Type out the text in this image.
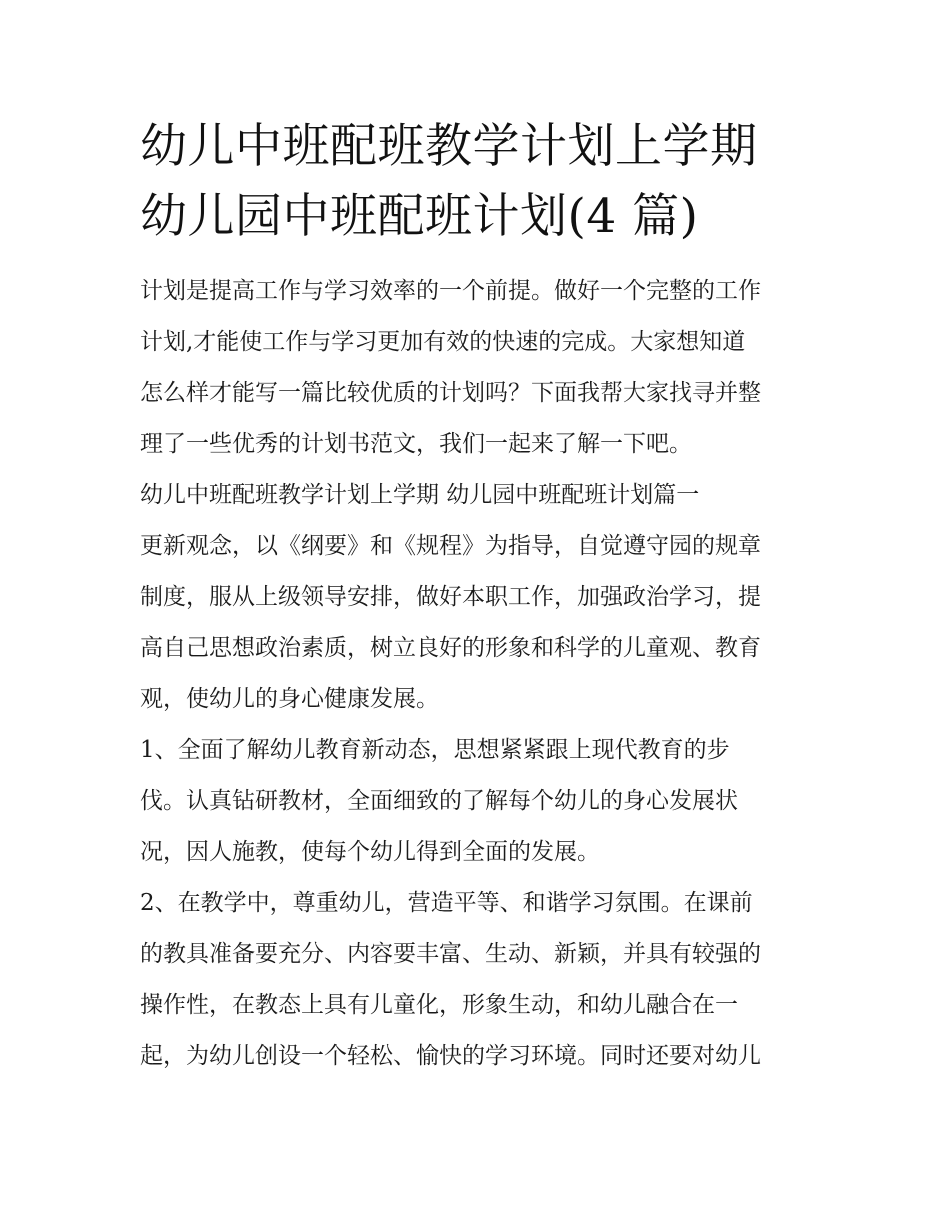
幼儿中班配班教学计划上学期
幼儿园中班配班计划(4 篇)

计划是提高工作与学习效率的一个前提。做好一个完整的工作
计划,才能使工作与学习更加有效的快速的完成。大家想知道
怎么样才能写一篇比较优质的计划吗？下面我帮大家找寻并整
理了一些优秀的计划书范文，我们一起来了解一下吧。

幼儿中班配班教学计划上学期 幼儿园中班配班计划篇一

更新观念，以《纲要》和《规程》为指导，自觉遵守园的规章
制度，服从上级领导安排，做好本职工作，加强政治学习，提
高自己思想政治素质，树立良好的形象和科学的儿童观、教育
观，使幼儿的身心健康发展。

1、全面了解幼儿教育新动态，思想紧紧跟上现代教育的步
伐。认真钻研教材，全面细致的了解每个幼儿的身心发展状
况，因人施教，使每个幼儿得到全面的发展。

2、在教学中，尊重幼儿，营造平等、和谐学习氛围。在课前
的教具准备要充分、内容要丰富、生动、新颖，并具有较强的
操作性，在教态上具有儿童化，形象生动，和幼儿融合在一
起，为幼儿创设一个轻松、愉快的学习环境。同时还要对幼儿
